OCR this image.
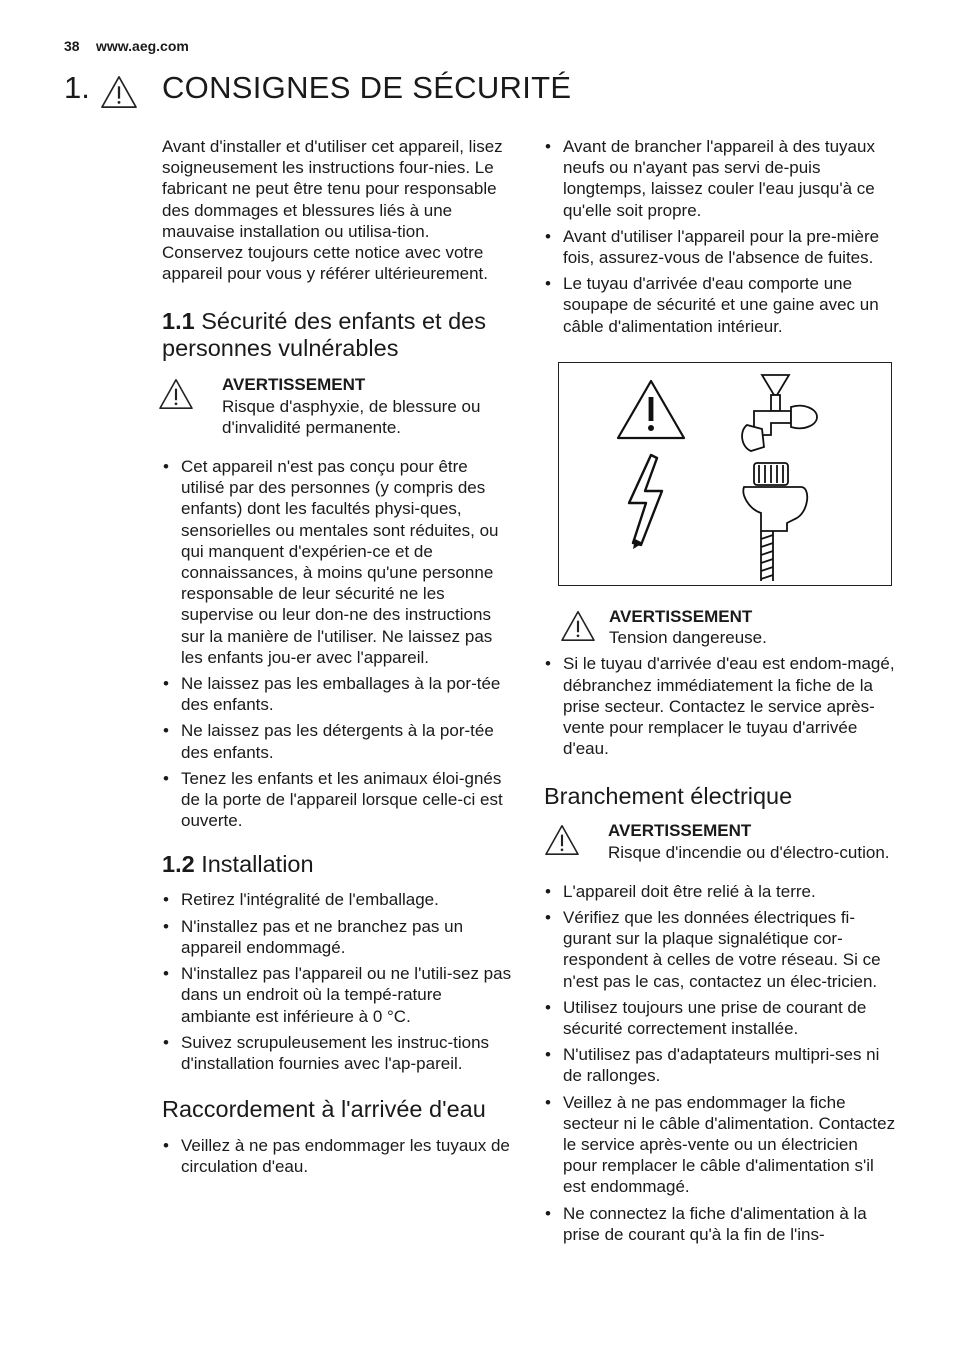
38 www.aeg.com
1. CONSIGNES DE SÉCURITÉ

Avant d'installer et d'utiliser cet appareil, lisez soigneusement les instructions four-nies. Le fabricant ne peut être tenu pour responsable des dommages et blessures liés à une mauvaise installation ou utilisa-tion. Conservez toujours cette notice avec votre appareil pour vous y référer ultérieurement.

1.1 Sécurité des enfants et des personnes vulnérables

AVERTISSEMENT
Risque d'asphyxie, de blessure ou d'invalidité permanente.
• Cet appareil n'est pas conçu pour être utilisé par des personnes (y compris des enfants) dont les facultés physi-ques, sensorielles ou mentales sont réduites, ou qui manquent d'expérien-ce et de connaissances, à moins qu'une personne responsable de leur sécurité ne les supervise ou leur don-ne des instructions sur la manière de l'utiliser. Ne laissez pas les enfants jou-er avec l'appareil.
• Ne laissez pas les emballages à la por-tée des enfants.
• Ne laissez pas les détergents à la por-tée des enfants.
• Tenez les enfants et les animaux éloi-gnés de la porte de l'appareil lorsque celle-ci est ouverte.

1.2 Installation

• Retirez l'intégralité de l'emballage.
• N'installez pas et ne branchez pas un appareil endommagé.
• N'installez pas l'appareil ou ne l'utili-sez pas dans un endroit où la tempé-rature ambiante est inférieure à 0 °C.
• Suivez scrupuleusement les instruc-tions d'installation fournies avec l'ap-pareil.

Raccordement à l'arrivée d'eau

• Veillez à ne pas endommager les tuyaux de circulation d'eau.
• Avant de brancher l'appareil à des tuyaux neufs ou n'ayant pas servi de-puis longtemps, laissez couler l'eau jusqu'à ce qu'elle soit propre.
• Avant d'utiliser l'appareil pour la pre-mière fois, assurez-vous de l'absence de fuites.
• Le tuyau d'arrivée d'eau comporte une soupape de sécurité et une gaine avec un câble d'alimentation intérieur.
AVERTISSEMENT
Tension dangereuse.
• Si le tuyau d'arrivée d'eau est endom-magé, débranchez immédiatement la fiche de la prise secteur. Contactez le service après-vente pour remplacer le tuyau d'arrivée d'eau.

Branchement électrique

AVERTISSEMENT
Risque d'incendie ou d'électro-cution.
• L'appareil doit être relié à la terre.
• Vérifiez que les données électriques fi-gurant sur la plaque signalétique cor-respondent à celles de votre réseau. Si ce n'est pas le cas, contactez un élec-tricien.
• Utilisez toujours une prise de courant de sécurité correctement installée.
• N'utilisez pas d'adaptateurs multipri-ses ni de rallonges.
• Veillez à ne pas endommager la fiche secteur ni le câble d'alimentation. Contactez le service après-vente ou un électricien pour remplacer le câble d'alimentation s'il est endommagé.
• Ne connectez la fiche d'alimentation à la prise de courant qu'à la fin de l'ins-
